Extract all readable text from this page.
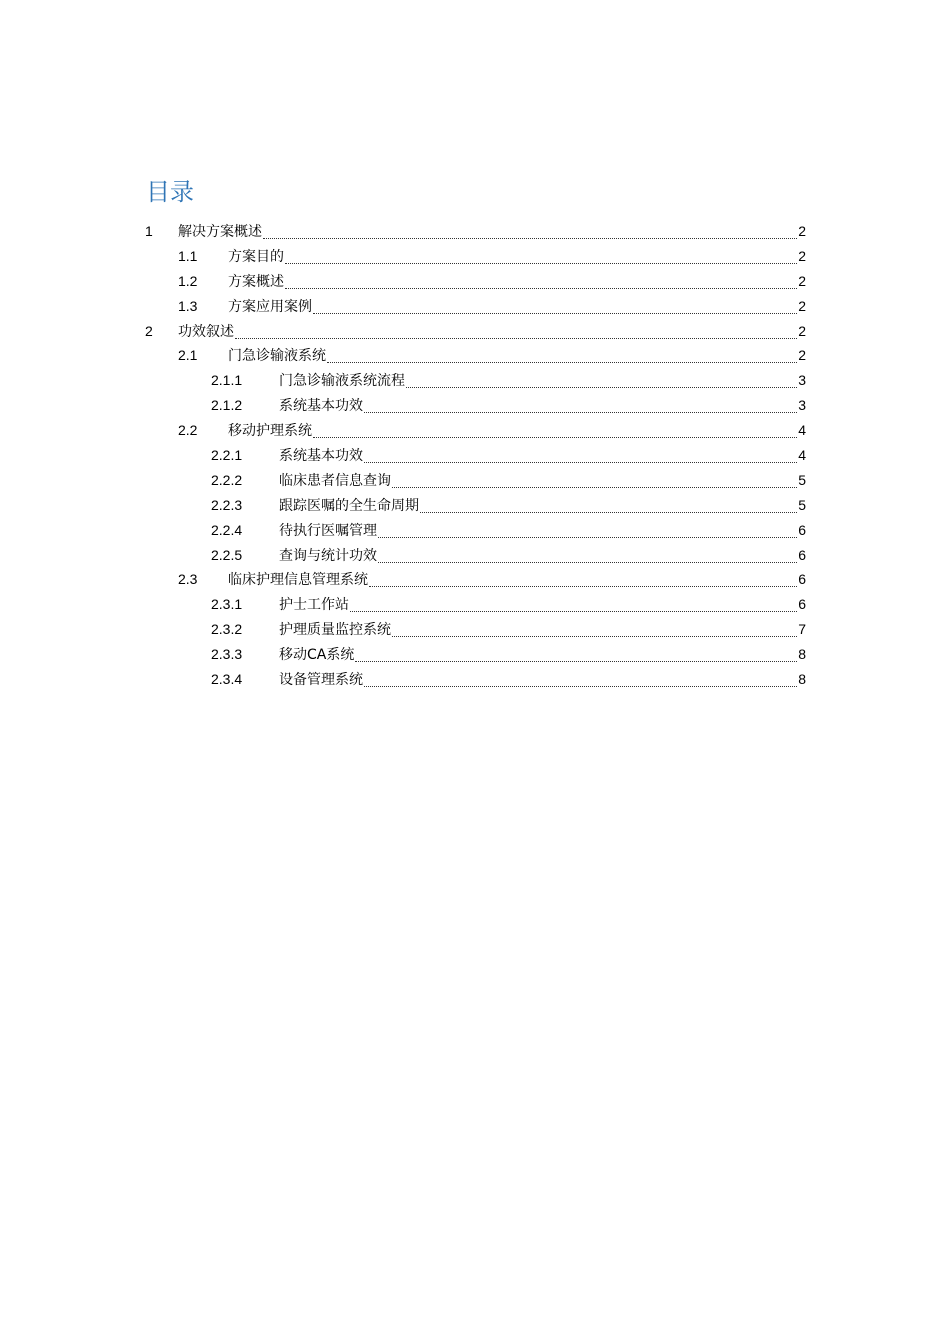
目录
1 解决方案概述	2
1.1 方案目的	2
1.2 方案概述	2
1.3 方案应用案例	2
2 功效叙述	2
2.1 门急诊输液系统	2
2.1.1	门急诊输液系统流程	3
2.1.2	系统基本功效	3
2.2 移动护理系统	4
2.2.1	系统基本功效	4
2.2.2	临床患者信息查询	5
2.2.3	跟踪医嘱的全生命周期	5
2.2.4	待执行医嘱管理	6
2.2.5	查询与统计功效	6
2.3 临床护理信息管理系统	6
2.3.1	护士工作站	6
2.3.2	护理质量监控系统	7
2.3.3	移动CA系统	8
2.3.4	设备管理系统	8
